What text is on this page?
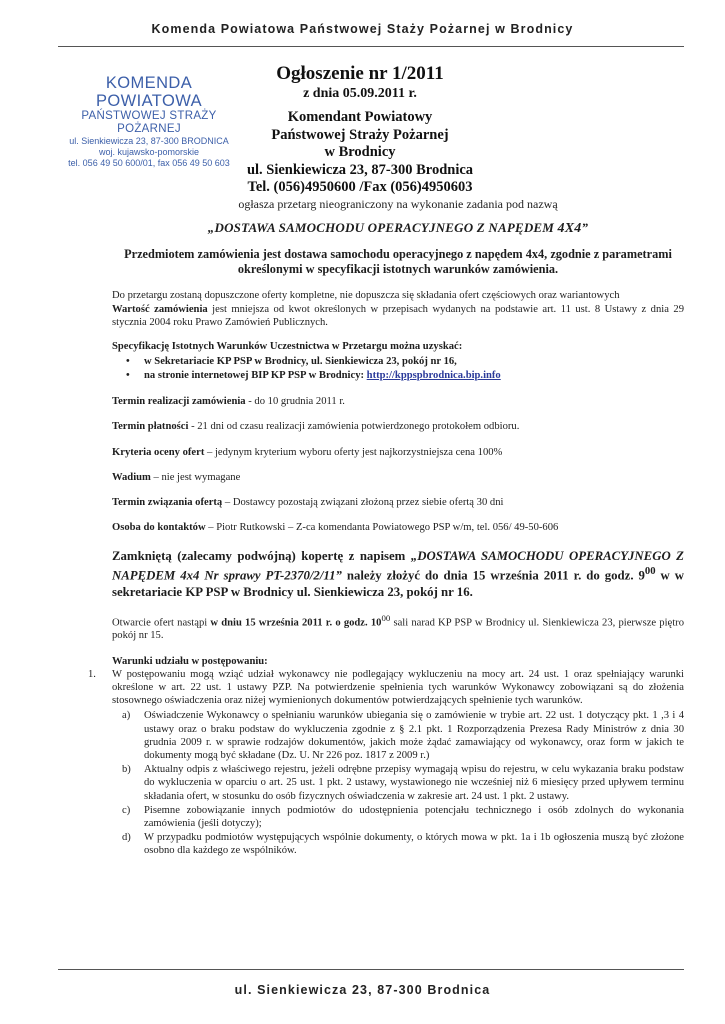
Komenda Powiatowa Państwowej Staży Pożarnej w Brodnicy
KOMENDA POWIATOWA
PAŃSTWOWEJ STRAŻY POŻARNEJ
ul. Sienkiewicza 23, 87-300 BRODNICA
woj. kujawsko-pomorskie
tel. 056 49 50 600/01, fax 056 49 50 603
Ogłoszenie nr 1/2011
z dnia 05.09.2011 r.
Komendant Powiatowy
Państwowej Straży Pożarnej
w Brodnicy
ul. Sienkiewicza 23, 87-300 Brodnica
Tel. (056)4950600 /Fax (056)4950603

ogłasza przetarg nieograniczony na wykonanie zadania pod nazwą

„DOSTAWA SAMOCHODU OPERACYJNEGO Z NAPĘDEM 4X4”

Przedmiotem zamówienia jest dostawa samochodu operacyjnego z napędem 4x4, zgodnie z parametrami określonymi w specyfikacji istotnych warunków zamówienia.

Do przetargu zostaną dopuszczone oferty kompletne, nie dopuszcza się składania ofert częściowych oraz wariantowych

Wartość zamówienia jest mniejsza od kwot określonych w przepisach wydanych na podstawie art. 11 ust. 8 Ustawy z dnia 29 stycznia 2004 roku Prawo Zamówień Publicznych.

Specyfikację Istotnych Warunków Uczestnictwa w Przetargu można uzyskać:

• w Sekretariacie KP PSP w Brodnicy, ul. Sienkiewicza 23, pokój nr 16,
• na stronie internetowej BIP KP PSP w Brodnicy: http://kppspbrodnica.bip.info

Termin realizacji zamówienia - do 10 grudnia 2011 r.

Termin płatności - 21 dni od czasu realizacji zamówienia potwierdzonego protokołem odbioru.

Kryteria oceny ofert – jedynym kryterium wyboru oferty jest najkorzystniejsza cena 100%

Wadium – nie jest wymagane

Termin związania ofertą – Dostawcy pozostają związani złożoną przez siebie ofertą 30 dni

Osoba do kontaktów – Piotr Rutkowski – Z-ca komendanta Powiatowego PSP w/m, tel. 056/ 49-50-606

Zamkniętą (zalecamy podwójną) kopertę z napisem „DOSTAWA SAMOCHODU OPERACYJNEGO Z NAPĘDEM 4x4 Nr sprawy PT-2370/2/11” należy złożyć do dnia 15 września 2011 r. do godz. $9^{00}$ w w sekretariacie KP PSP w Brodnicy ul. Sienkiewicza 23, pokój nr 16.

Otwarcie ofert nastąpi w dniu 15 września 2011 r. o godz. $10^{00}$ sali narad KP PSP w Brodnicy ul. Sienkiewicza 23, pierwsze piętro pokój nr 15.

Warunki udziału w postępowaniu:

1. W postępowaniu mogą wziąć udział wykonawcy nie podlegający wykluczeniu na mocy art. 24 ust. 1 oraz spełniający warunki określone w art. 22 ust. 1 ustawy PZP. Na potwierdzenie spełnienia tych warunków Wykonawcy zobowiązani są do złożenia stosownego oświadczenia oraz niżej wymienionych dokumentów potwierdzających spełnienie tych warunków.
a) Oświadczenie Wykonawcy o spełnianiu warunków ubiegania się o zamówienie w trybie art. 22 ust. 1 dotyczący pkt. 1 ,3 i 4 ustawy oraz o braku podstaw do wykluczenia zgodnie z § 2.1 pkt. 1 Rozporządzenia Prezesa Rady Ministrów z dnia 30 grudnia 2009 r. w sprawie rodzajów dokumentów, jakich może żądać zamawiający od wykonawcy, oraz form w jakich te dokumenty mogą być składane (Dz. U. Nr 226 poz. 1817 z 2009 r.)
b) Aktualny odpis z właściwego rejestru, jeżeli odrębne przepisy wymagają wpisu do rejestru, w celu wykazania braku podstaw do wykluczenia w oparciu o art. 25 ust. 1 pkt. 2 ustawy, wystawionego nie wcześniej niż 6 miesięcy przed upływem terminu składania ofert, w stosunku do osób fizycznych oświadczenia w zakresie art. 24 ust. 1 pkt. 2 ustawy.
c) Pisemne zobowiązanie innych podmiotów do udostępnienia potencjału technicznego i osób zdolnych do wykonania zamówienia (jeśli dotyczy);
d) W przypadku podmiotów występujących wspólnie dokumenty, o których mowa w pkt. 1a i 1b ogłoszenia muszą być złożone osobno dla każdego ze wspólników.
ul. Sienkiewicza 23, 87-300 Brodnica
